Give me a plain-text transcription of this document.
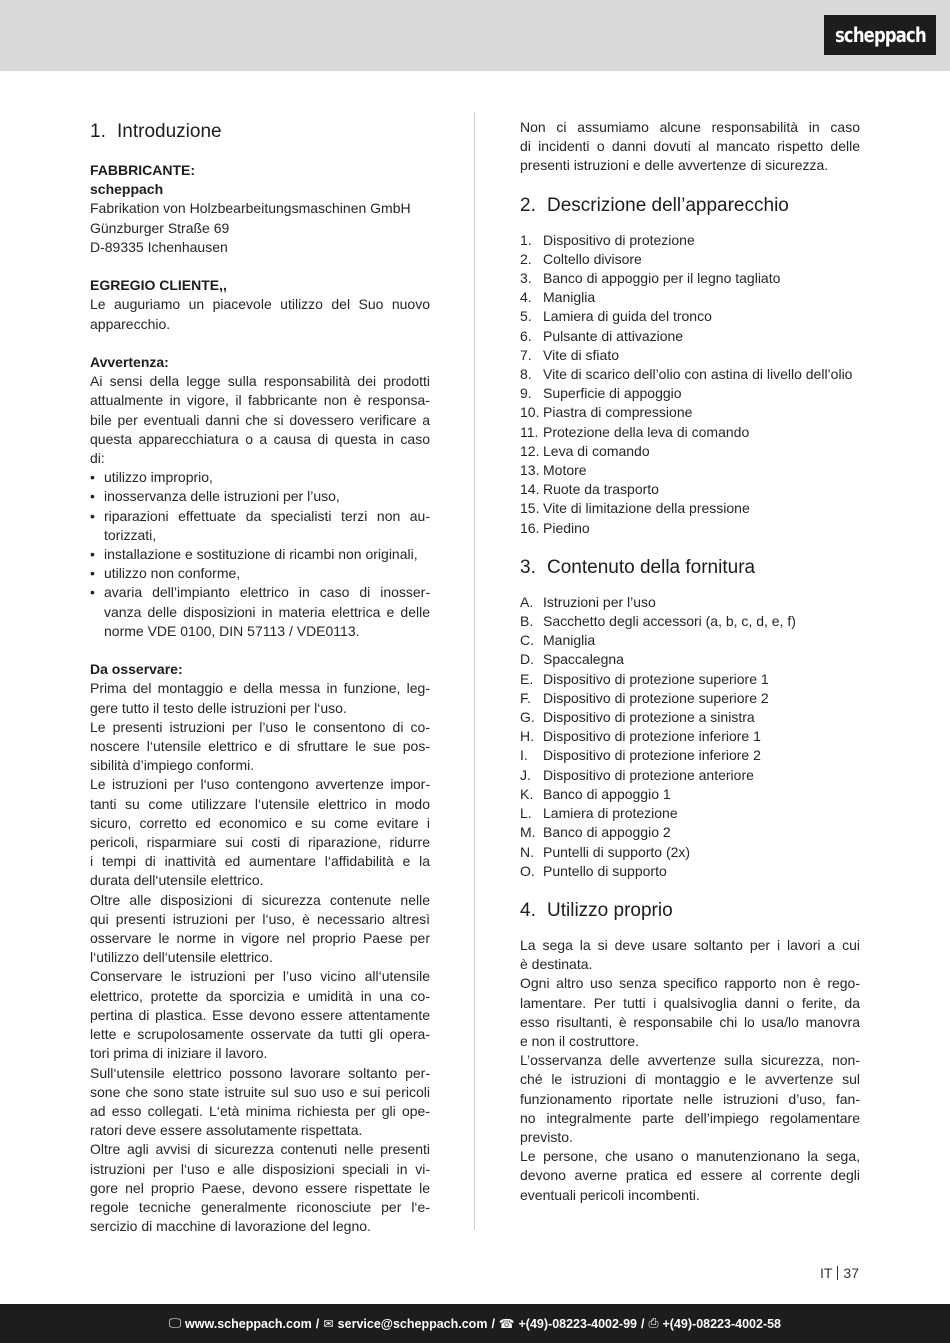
scheppach
1. Introduzione
FABBRICANTE:
scheppach
Fabrikation von Holzbearbeitungsmaschinen GmbH
Günzburger Straße 69
D-89335 Ichenhausen
EGREGIO CLIENTE,,
Le auguriamo un piacevole utilizzo del Suo nuovo
apparecchio.
Avvertenza:
Ai sensi della legge sulla responsabilità dei prodotti
attualmente in vigore, il fabbricante non è responsa-
bile per eventuali danni che si dovessero verificare a
questa apparecchiatura o a causa di questa in caso
di:
• utilizzo improprio,
• inosservanza delle istruzioni per l’uso,
• riparazioni effettuate da specialisti terzi non au-
torizzati,
• installazione e sostituzione di ricambi non originali,
• utilizzo non conforme,
• avaria dell’impianto elettrico in caso di inosser-
vanza delle disposizioni in materia elettrica e delle
norme VDE 0100, DIN 57113 / VDE0113.
Da osservare:
Prima del montaggio e della messa in funzione, leg-
gere tutto il testo delle istruzioni per l‘uso.
Le presenti istruzioni per l’uso le consentono di co-
noscere l‘utensile elettrico e di sfruttare le sue pos-
sibilità d’impiego conformi.
Le istruzioni per l‘uso contengono avvertenze impor-
tanti su come utilizzare l‘utensile elettrico in modo
sicuro, corretto ed economico e su come evitare i
pericoli, risparmiare sui costi di riparazione, ridurre
i tempi di inattività ed aumentare l‘affidabilità e la
durata dell‘utensile elettrico.
Oltre alle disposizioni di sicurezza contenute nelle
qui presenti istruzioni per l‘uso, è necessario altresì
osservare le norme in vigore nel proprio Paese per
l‘utilizzo dell‘utensile elettrico.
Conservare le istruzioni per l’uso vicino all‘utensile
elettrico, protette da sporcizia e umidità in una co-
pertina di plastica. Esse devono essere attentamente
lette e scrupolosamente osservate da tutti gli opera-
tori prima di iniziare il lavoro.
Sull‘utensile elettrico possono lavorare soltanto per-
sone che sono state istruite sul suo uso e sui pericoli
ad esso collegati. L‘età minima richiesta per gli ope-
ratori deve essere assolutamente rispettata.
Oltre agli avvisi di sicurezza contenuti nelle presenti
istruzioni per l‘uso e alle disposizioni speciali in vi-
gore nel proprio Paese, devono essere rispettate le
regole tecniche generalmente riconosciute per l‘e-
sercizio di macchine di lavorazione del legno.
Non ci assumiamo alcune responsabilità in caso
di incidenti o danni dovuti al mancato rispetto delle
presenti istruzioni e delle avvertenze di sicurezza.
2. Descrizione dell’apparecchio
1. Dispositivo di protezione
2. Coltello divisore
3. Banco di appoggio per il legno tagliato
4. Maniglia
5. Lamiera di guida del tronco
6. Pulsante di attivazione
7. Vite di sfiato
8. Vite di scarico dell’olio con astina di livello dell’olio
9. Superficie di appoggio
10. Piastra di compressione
11. Protezione della leva di comando
12. Leva di comando
13. Motore
14. Ruote da trasporto
15. Vite di limitazione della pressione
16. Piedino
3. Contenuto della fornitura
A. Istruzioni per l’uso
B. Sacchetto degli accessori (a, b, c, d, e, f)
C. Maniglia
D. Spaccalegna
E. Dispositivo di protezione superiore 1
F. Dispositivo di protezione superiore 2
G. Dispositivo di protezione a sinistra
H. Dispositivo di protezione inferiore 1
I.	Dispositivo di protezione inferiore 2
J. Dispositivo di protezione anteriore
K. Banco di appoggio 1
L. Lamiera di protezione
M. Banco di appoggio 2
N. Puntelli di supporto (2x)
O. Puntello di supporto
4. Utilizzo proprio
La sega la si deve usare soltanto per i lavori a cui
è destinata.
Ogni altro uso senza specifico rapporto non è rego-
lamentare. Per tutti i qualsivoglia danni o ferite, da
esso risultanti, è responsabile chi lo usa/lo manovra
e non il costruttore.
L’osservanza delle avvertenze sulla sicurezza, non-
ché le istruzioni di montaggio e le avvertenze sul
funzionamento riportate nelle istruzioni d’uso, fan-
no integralmente parte dell’impiego regolamentare
previsto.
Le persone, che usano o manutenzionano la sega,
devono averne pratica ed essere al corrente degli
eventuali pericoli incombenti.
IT 37
🖵 www.scheppach.com / ✉ service@scheppach.com / ☎ +(49)-08223-4002-99 / ⎙ +(49)-08223-4002-58
